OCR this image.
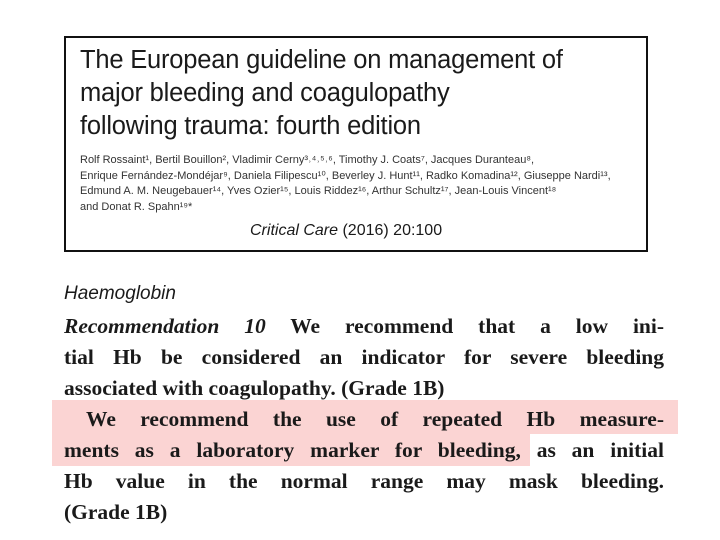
The European guideline on management of
major bleeding and coagulopathy
following trauma: fourth edition
Rolf Rossaint¹, Bertil Bouillon², Vladimir Cerny³˒⁴˒⁵˒⁶, Timothy J. Coats⁷, Jacques Duranteau⁸,
Enrique Fernández-Mondéjar⁹, Daniela Filipescu¹⁰, Beverley J. Hunt¹¹, Radko Komadina¹², Giuseppe Nardi¹³,
Edmund A. M. Neugebauer¹⁴, Yves Ozier¹⁵, Louis Riddez¹⁶, Arthur Schultz¹⁷, Jean-Louis Vincent¹⁸
and Donat R. Spahn¹⁹*
Critical Care (2016) 20:100
Haemoglobin
Recommendation 10 We recommend that a low ini-
tial Hb be considered an indicator for severe bleeding
associated with coagulopathy. (Grade 1B)
We recommend the use of repeated Hb measure-
ments as a laboratory marker for bleeding, as an initial
Hb value in the normal range may mask bleeding.
(Grade 1B)
